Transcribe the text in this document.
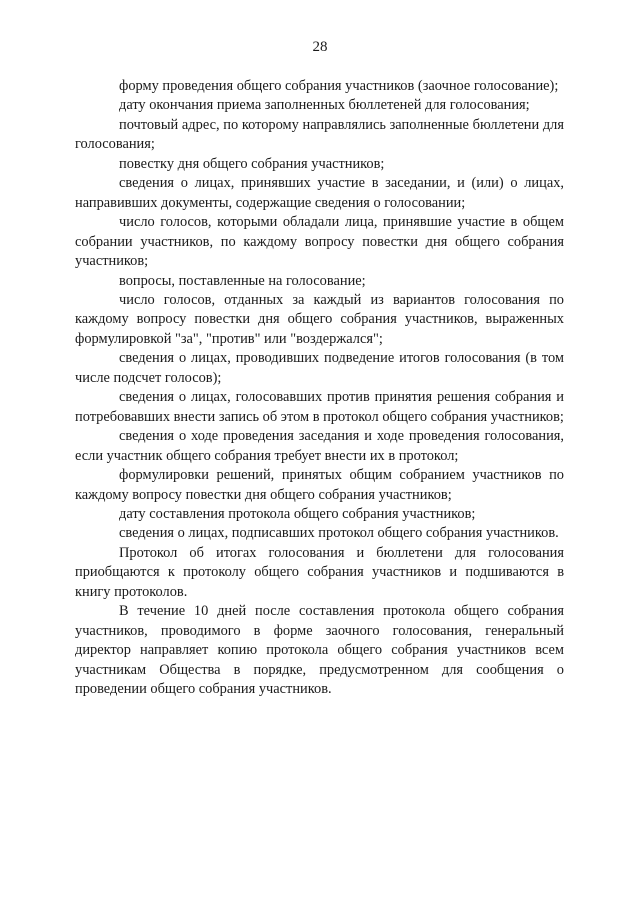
28

форму проведения общего собрания участников (заочное голосование);

дату окончания приема заполненных бюллетеней для голосования;

почтовый адрес, по которому направлялись заполненные бюллетени для голосования;

повестку дня общего собрания участников;

сведения о лицах, принявших участие в заседании, и (или) о лицах, направивших документы, содержащие сведения о голосовании;

число голосов, которыми обладали лица, принявшие участие в общем собрании участников, по каждому вопросу повестки дня общего собрания участников;

вопросы, поставленные на голосование;

число голосов, отданных за каждый из вариантов голосования по каждому вопросу повестки дня общего собрания участников, выраженных формулировкой "за", "против" или "воздержался";

сведения о лицах, проводивших подведение итогов голосования (в том числе подсчет голосов);

сведения о лицах, голосовавших против принятия решения собрания и потребовавших внести запись об этом в протокол общего собрания участников;

сведения о ходе проведения заседания и ходе проведения голосования, если участник общего собрания требует внести их в протокол;

формулировки решений, принятых общим собранием участников по каждому вопросу повестки дня общего собрания участников;

дату составления протокола общего собрания участников;

сведения о лицах, подписавших протокол общего собрания участников.

Протокол об итогах голосования и бюллетени для голосования приобщаются к протоколу общего собрания участников и подшиваются в книгу протоколов.

В течение 10 дней после составления протокола общего собрания участников, проводимого в форме заочного голосования, генеральный директор направляет копию протокола общего собрания участников всем участникам Общества в порядке, предусмотренном для сообщения о проведении общего собрания участников.
